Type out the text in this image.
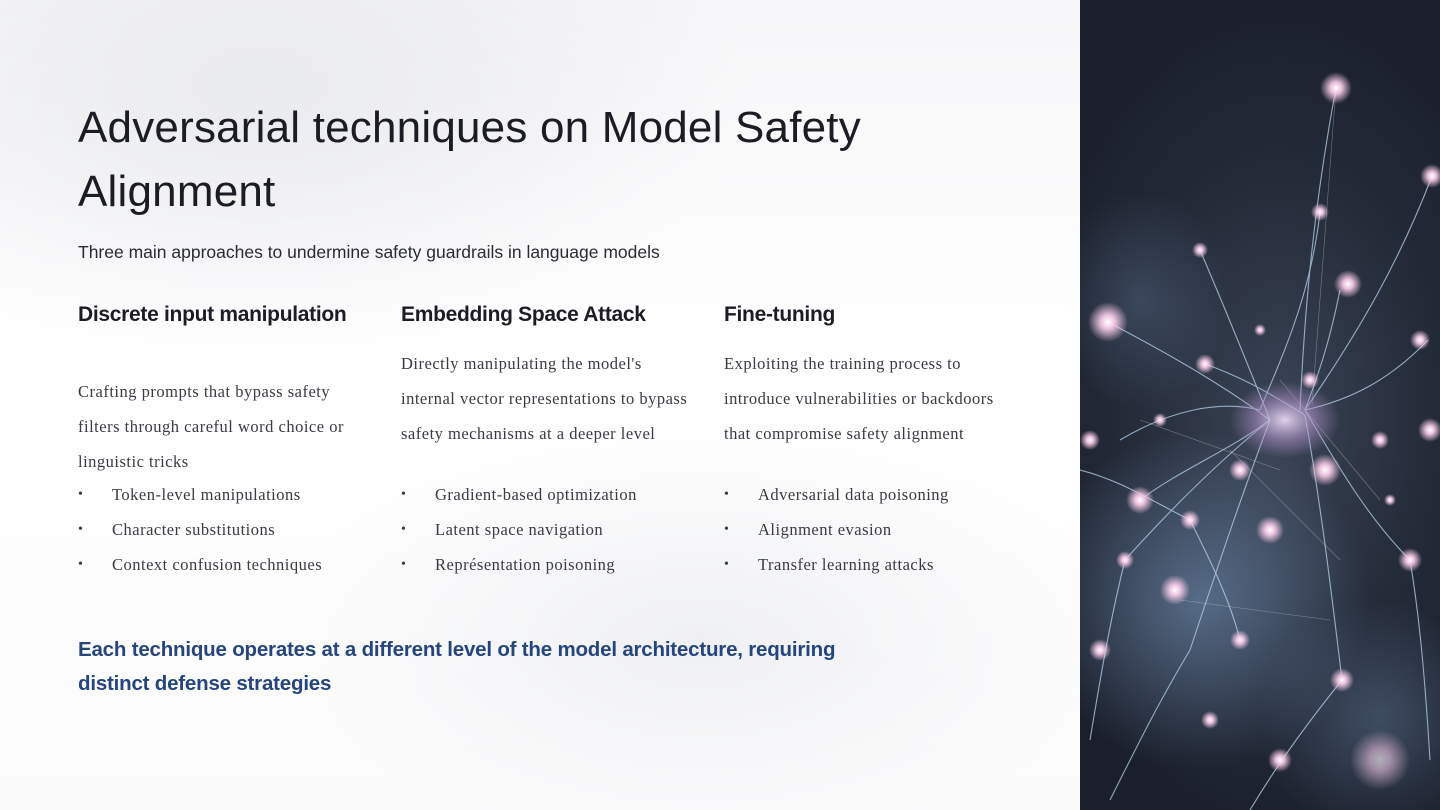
Adversarial techniques on Model Safety Alignment

Three main approaches to undermine safety guardrails in language models

Discrete input manipulation

Crafting prompts that bypass safety filters through careful word choice or linguistic tricks

• Token-level manipulations
• Character substitutions
• Context confusion techniques
Embedding Space Attack

Directly manipulating the model's internal vector representations to bypass safety mechanisms at a deeper level

• Gradient-based optimization
• Latent space navigation
• Représentation poisoning
Fine-tuning

Exploiting the training process to introduce vulnerabilities or backdoors that compromise safety alignment

• Adversarial data poisoning
• Alignment evasion
• Transfer learning attacks

Each technique operates at a different level of the model architecture, requiring distinct defense strategies
